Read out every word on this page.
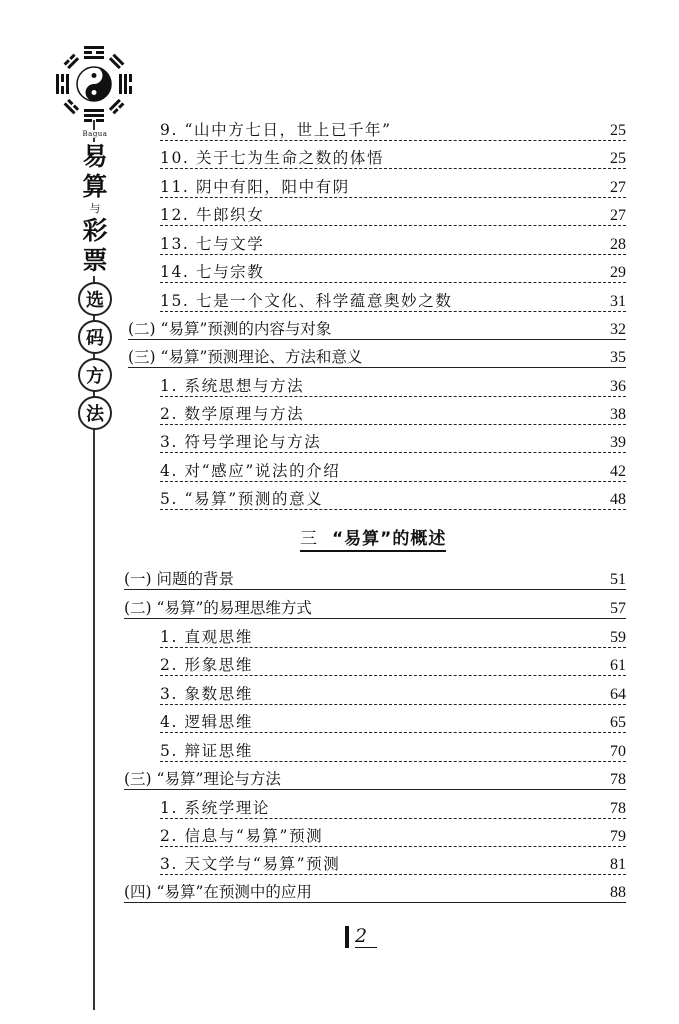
Bagua
易
算
与
彩
票
选
码
方
法
9. “山中方七日，世上已千年”	25
10. 关于七为生命之数的体悟	25
11. 阴中有阳，阳中有阴	27
12. 牛郎织女	27
13. 七与文学	28
14. 七与宗教	29
15. 七是一个文化、科学蕴意奥妙之数	31
(二) “易算”预测的内容与对象	32
(三) “易算”预测理论、方法和意义	35
1. 系统思想与方法	36
2. 数学原理与方法	38
3. 符号学理论与方法	39
4. 对“感应”说法的介绍	42
5. “易算”预测的意义	48
三 “易算”的概述
(一) 问题的背景	51
(二) “易算”的易理思维方式	57
1. 直观思维	59
2. 形象思维	61
3. 象数思维	64
4. 逻辑思维	65
5. 辩证思维	70
(三) “易算”理论与方法	78
1. 系统学理论	78
2. 信息与“易算”预测	79
3. 天文学与“易算”预测	81
(四) “易算”在预测中的应用	88
2
